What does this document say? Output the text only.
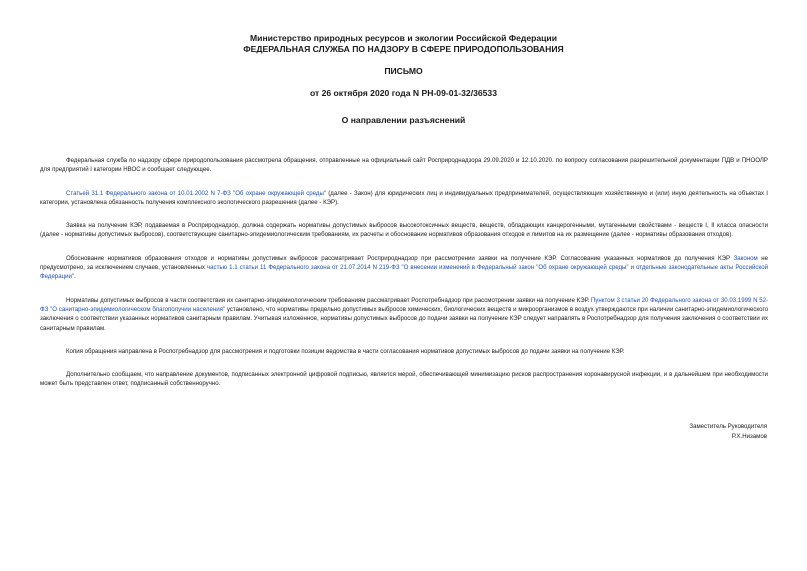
Министерство природных ресурсов и экологии Российской Федерации
ФЕДЕРАЛЬНАЯ СЛУЖБА ПО НАДЗОРУ В СФЕРЕ ПРИРОДОПОЛЬЗОВАНИЯ
ПИСЬМО
от 26 октября 2020 года N РН-09-01-32/36533
О направлении разъяснений

Федеральная служба по надзору сфере природопользования рассмотрела обращения, отправленные на официальный сайт Росприроднадзора 29.09.2020 и 12.10.2020. по вопросу согласования разрешительной документации ПДВ и ПНООЛР для предприятий I категории НВОС и сообщает следующее.

Статьей 31.1 Федерального закона от 10.01.2002 N 7-ФЗ "Об охране окружающей среды" (далее - Закон) для юридических лиц и индивидуальных предпринимателей, осуществляющих хозяйственную и (или) иную деятельность на объектах I категории, установлена обязанность получения комплексного экологического разрешения (далее - КЭР).

Заявка на получение КЭР, подаваемая в Росприроднадзор, должна содержать нормативы допустимых выбросов высокотоксичных веществ, веществ, обладающих канцерогенными, мутагенными свойствами - веществ I, II класса опасности (далее - нормативы допустимых выбросов), соответствующие санитарно-эпидемиологическим требованиям, их расчеты и обоснование нормативов образования отходов и лимитов на их размещение (далее - нормативы образования отходов).

Обоснование нормативов образования отходов и нормативы допустимых выбросов рассматривает Росприроднадзор при рассмотрении заявки на получение КЭР. Согласование указанных нормативов до получения КЭР Законом не предусмотрено, за исключением случаев, установленных частью 1.1 статьи 11 Федерального закона от 21.07.2014 N 219-ФЗ "О внесении изменений в Федеральный закон "Об охране окружающей среды" и отдельные законодательные акты Российской Федерации".

Нормативы допустимых выбросов в части соответствия их санитарно-эпидемиологическим требованиям рассматривает Роспотребнадзор при рассмотрении заявки на получение КЭР. Пунктом 3 статьи 20 Федерального закона от 30.03.1999 N 52-ФЗ "О санитарно-эпидемиологическом благополучии населения" установлено, что нормативы предельно допустимых выбросов химических, биологических веществ и микроорганизмов в воздух утверждаются при наличии санитарно-эпидемиологического заключения о соответствии указанных нормативов санитарным правилам. Учитывая изложенное, нормативы допустимых выбросов до подачи заявки на получение КЭР следует направлять в Роспотребнадзор для получения заключения о соответствии их санитарным правилам.

Копия обращения направлена в Роспотребнадзор для рассмотрения и подготовки позиции ведомства в части согласования нормативов допустимых выбросов до подачи заявки на получение КЭР.

Дополнительно сообщаем, что направление документов, подписанных электронной цифровой подписью, является мерой, обеспечивающей минимизацию рисков распространения коронавирусной инфекции, и в дальнейшем при необходимости может быть представлен ответ, подписанный собственноручно.

Заместитель Руководителя
Р.Х.Низамов
